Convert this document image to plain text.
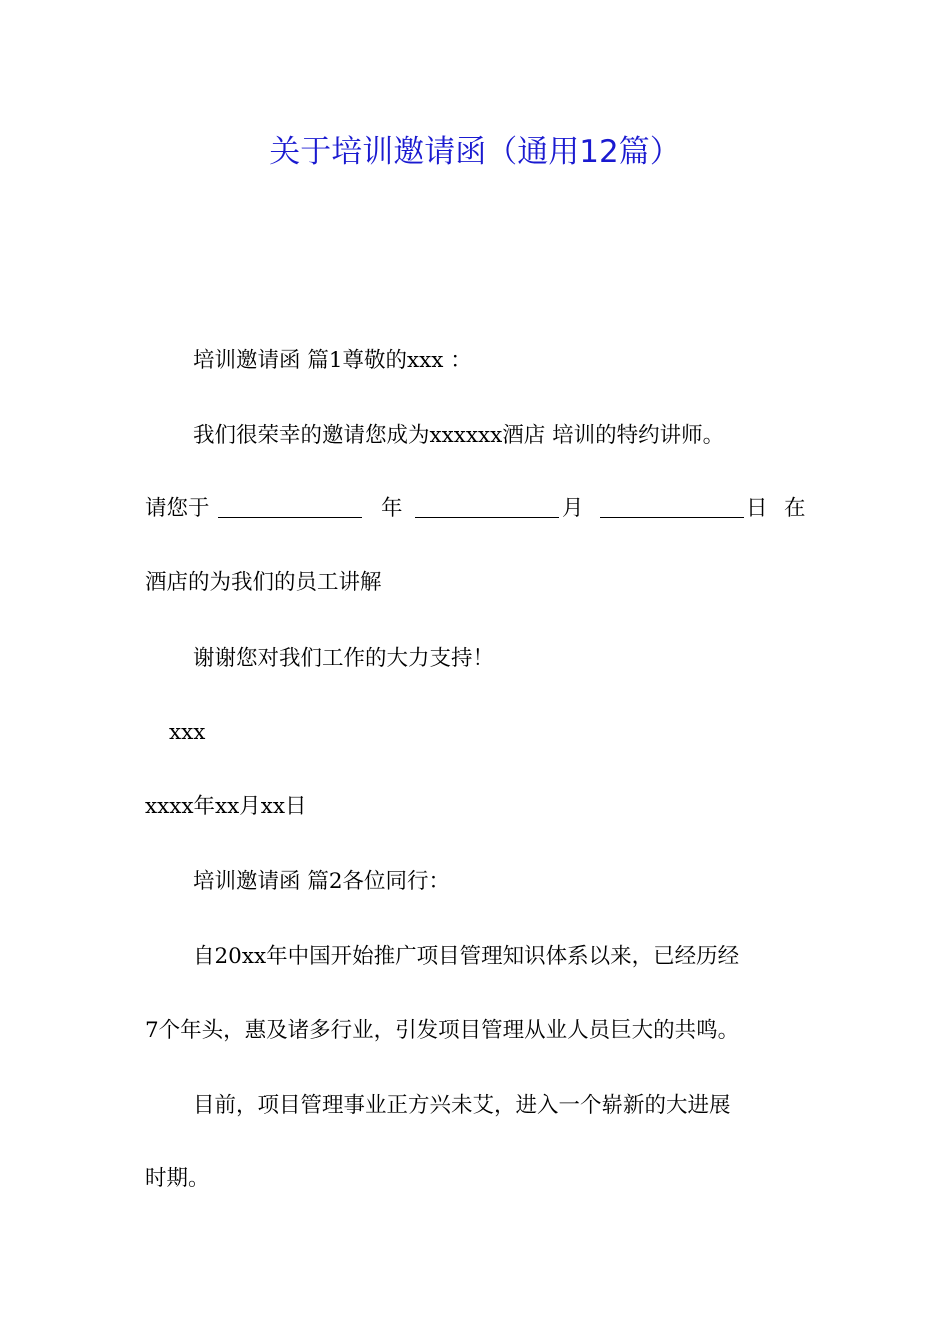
关于培训邀请函（通用12篇）

培训邀请函 篇1尊敬的xxx ：

我们很荣幸的邀请您成为xxxxxx酒店 培训的特约讲师。

请您于	年	月	日 在

酒店的为我们的员工讲解

谢谢您对我们工作的大力支持！

xxx

xxxx年xx月xx日

培训邀请函 篇2各位同行：

自20xx年中国开始推广项目管理知识体系以来，已经历经

7个年头，惠及诸多行业，引发项目管理从业人员巨大的共鸣。

目前，项目管理事业正方兴未艾，进入一个崭新的大进展

时期。
